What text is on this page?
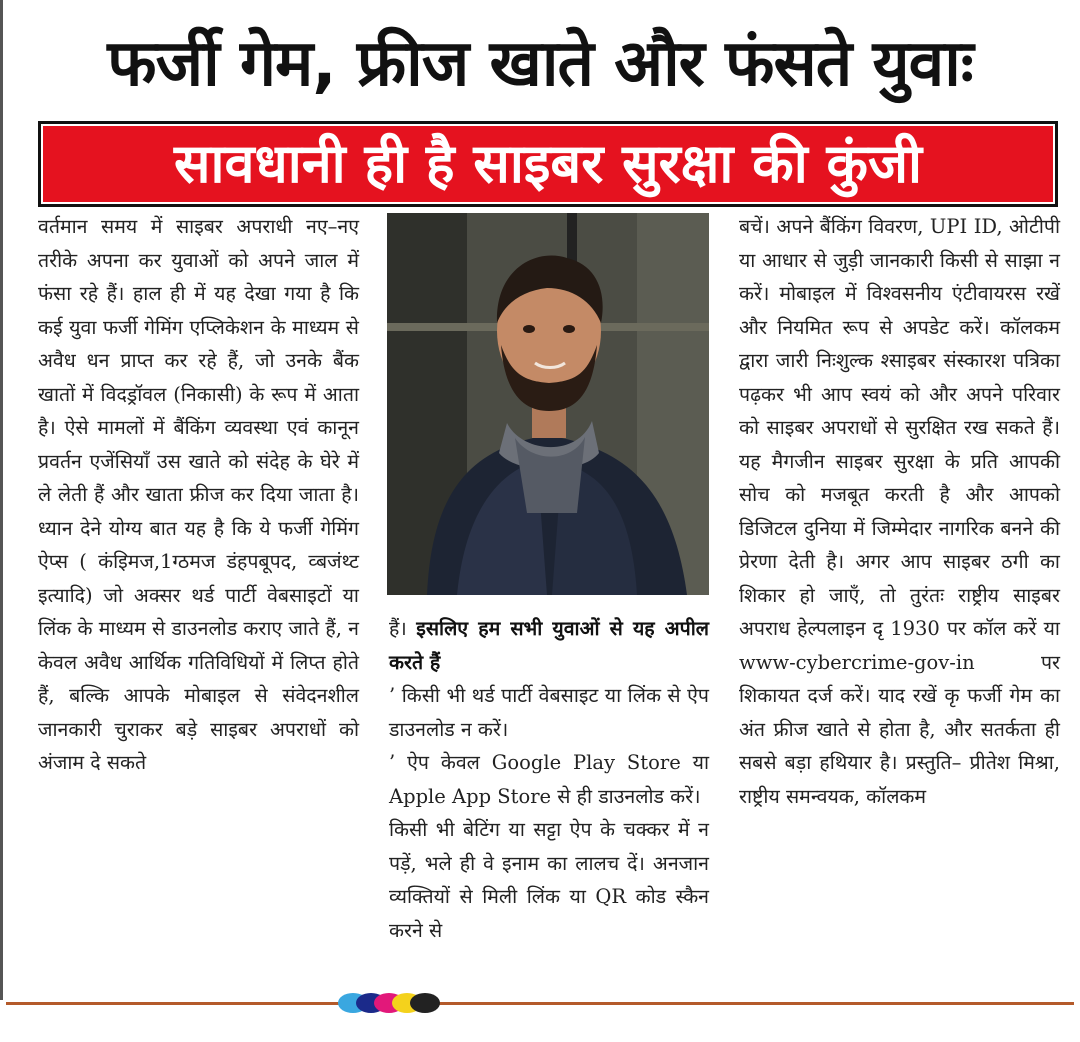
फर्जी गेम, फ्रीज खाते और फंसते युवाः
सावधानी ही है साइबर सुरक्षा की कुंजी

वर्तमान समय में साइबर अपराधी नए–नए तरीके अपना कर युवाओं को अपने जाल में फंसा रहे हैं। हाल ही में यह देखा गया है कि कई युवा फर्जी गेमिंग एप्लिकेशन के माध्यम से अवैध धन प्राप्त कर रहे हैं, जो उनके बैंक खातों में विदड्रॉवल (निकासी) के रूप में आता है। ऐसे मामलों में बैंकिंग व्यवस्था एवं कानून प्रवर्तन एजेंसियाँ उस खाते को संदेह के घेरे में ले लेती हैं और खाता फ्रीज कर दिया जाता है। ध्यान देने योग्य बात यह है कि ये फर्जी गेमिंग ऐप्स ( कंइिमज,1ग्ठमज डंहपबूपद, व्बजंथ्ट इत्यादि) जो अक्सर थर्ड पार्टी वेबसाइटों या लिंक के माध्यम से डाउनलोड कराए जाते हैं, न केवल अवैध आर्थिक गतिविधियों में लिप्त होते हैं, बल्कि आपके मोबाइल से संवेदनशील जानकारी चुराकर बड़े साइबर अपराधों को अंजाम दे सकते

हैं। इसलिए हम सभी युवाओं से यह अपील करते हैं

’ किसी भी थर्ड पार्टी वेबसाइट या लिंक से ऐप डाउनलोड न करें।

’ ऐप केवल Google Play Store या Apple App Store से ही डाउनलोड करें।

किसी भी बेटिंग या सट्टा ऐप के चक्कर में न पड़ें, भले ही वे इनाम का लालच दें। अनजान व्यक्तियों से मिली लिंक या QR कोड स्कैन करने से

बचें। अपने बैंकिंग विवरण, UPI ID, ओटीपी या आधार से जुड़ी जानकारी किसी से साझा न करें। मोबाइल में विश्वसनीय एंटीवायरस रखें और नियमित रूप से अपडेट करें। कॉलकम द्वारा जारी निःशुल्क श्साइबर संस्कारश पत्रिका पढ़कर भी आप स्वयं को और अपने परिवार को साइबर अपराधों से सुरक्षित रख सकते हैं। यह मैगजीन साइबर सुरक्षा के प्रति आपकी सोच को मजबूत करती है और आपको डिजिटल दुनिया में जिम्मेदार नागरिक बनने की प्रेरणा देती है। अगर आप साइबर ठगी का शिकार हो जाएँ, तो तुरंतः राष्ट्रीय साइबर अपराध हेल्पलाइन दृ 1930 पर कॉल करें या www-cybercrime-gov-in पर शिकायत दर्ज करें। याद रखें कृ फर्जी गेम का अंत फ्रीज खाते से होता है, और सतर्कता ही सबसे बड़ा हथियार है। प्रस्तुति– प्रीतेश मिश्रा, राष्ट्रीय समन्वयक, कॉलकम
